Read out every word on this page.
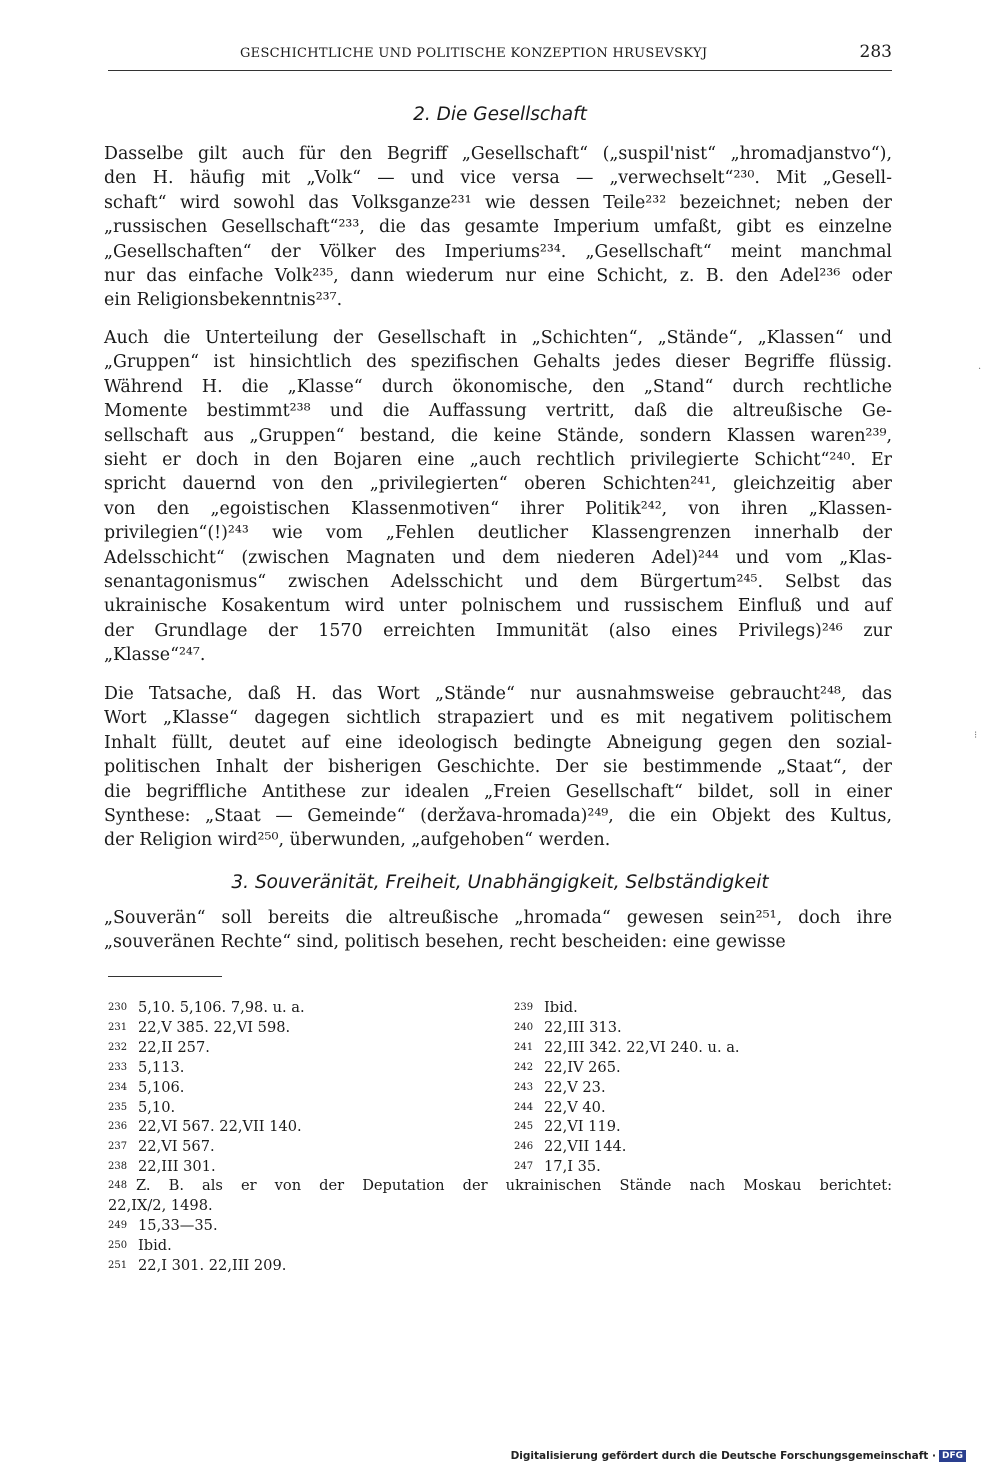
GESCHICHTLICHE UND POLITISCHE KONZEPTION HRUSEVSKYJ	283
2. Die Gesellschaft
Dasselbe gilt auch für den Begriff „Gesellschaft“ („suspil'nist“ „hromadjanstvo“),
den H. häufig mit „Volk“ — und vice versa — „verwechselt“²³⁰. Mit „Gesell-
schaft“ wird sowohl das Volksganze²³¹ wie dessen Teile²³² bezeichnet; neben der
„russischen Gesellschaft“²³³, die das gesamte Imperium umfaßt, gibt es einzelne
„Gesellschaften“ der Völker des Imperiums²³⁴. „Gesellschaft“ meint manchmal
nur das einfache Volk²³⁵, dann wiederum nur eine Schicht, z. B. den Adel²³⁶ oder
ein Religionsbekenntnis²³⁷.
Auch die Unterteilung der Gesellschaft in „Schichten“, „Stände“, „Klassen“ und
„Gruppen“ ist hinsichtlich des spezifischen Gehalts jedes dieser Begriffe flüssig.
Während H. die „Klasse“ durch ökonomische, den „Stand“ durch rechtliche
Momente bestimmt²³⁸ und die Auffassung vertritt, daß die altreußische Ge-
sellschaft aus „Gruppen“ bestand, die keine Stände, sondern Klassen waren²³⁹,
sieht er doch in den Bojaren eine „auch rechtlich privilegierte Schicht“²⁴⁰. Er
spricht dauernd von den „privilegierten“ oberen Schichten²⁴¹, gleichzeitig aber
von den „egoistischen Klassenmotiven“ ihrer Politik²⁴², von ihren „Klassen-
privilegien“(!)²⁴³ wie vom „Fehlen deutlicher Klassengrenzen innerhalb der
Adelsschicht“ (zwischen Magnaten und dem niederen Adel)²⁴⁴ und vom „Klas-
senantagonismus“ zwischen Adelsschicht und dem Bürgertum²⁴⁵. Selbst das
ukrainische Kosakentum wird unter polnischem und russischem Einfluß und auf
der Grundlage der 1570 erreichten Immunität (also eines Privilegs)²⁴⁶ zur
„Klasse“²⁴⁷.
Die Tatsache, daß H. das Wort „Stände“ nur ausnahmsweise gebraucht²⁴⁸, das
Wort „Klasse“ dagegen sichtlich strapaziert und es mit negativem politischem
Inhalt füllt, deutet auf eine ideologisch bedingte Abneigung gegen den sozial-
politischen Inhalt der bisherigen Geschichte. Der sie bestimmende „Staat“, der
die begriffliche Antithese zur idealen „Freien Gesellschaft“ bildet, soll in einer
Synthese: „Staat — Gemeinde“ (deržava-hromada)²⁴⁹, die ein Objekt des Kultus,
der Religion wird²⁵⁰, überwunden, „aufgehoben“ werden.
3. Souveränität, Freiheit, Unabhängigkeit, Selbständigkeit
„Souverän“ soll bereits die altreußische „hromada“ gewesen sein²⁵¹, doch ihre
„souveränen Rechte“ sind, politisch besehen, recht bescheiden: eine gewisse
230 5,10. 5,106. 7,98. u. a.
231 22,V 385. 22,VI 598.
232 22,II 257.
233 5,113.
234 5,106.
235 5,10.
236 22,VI 567. 22,VII 140.
237 22,VI 567.
238 22,III 301.
239 Ibid.
240 22,III 313.
241 22,III 342. 22,VI 240. u. a.
242 22,IV 265.
243 22,V 23.
244 22,V 40.
245 22,VI 119.
246 22,VII 144.
247 17,I 35.
248 Z. B. als er von der Deputation der ukrainischen Stände nach Moskau berichtet:
22,IX/2, 1498.
249 15,33—35.
250 Ibid.
251 22,I 301. 22,III 209.
·
⁝
Digitalisierung gefördert durch die Deutsche Forschungsgemeinschaft · DFG
